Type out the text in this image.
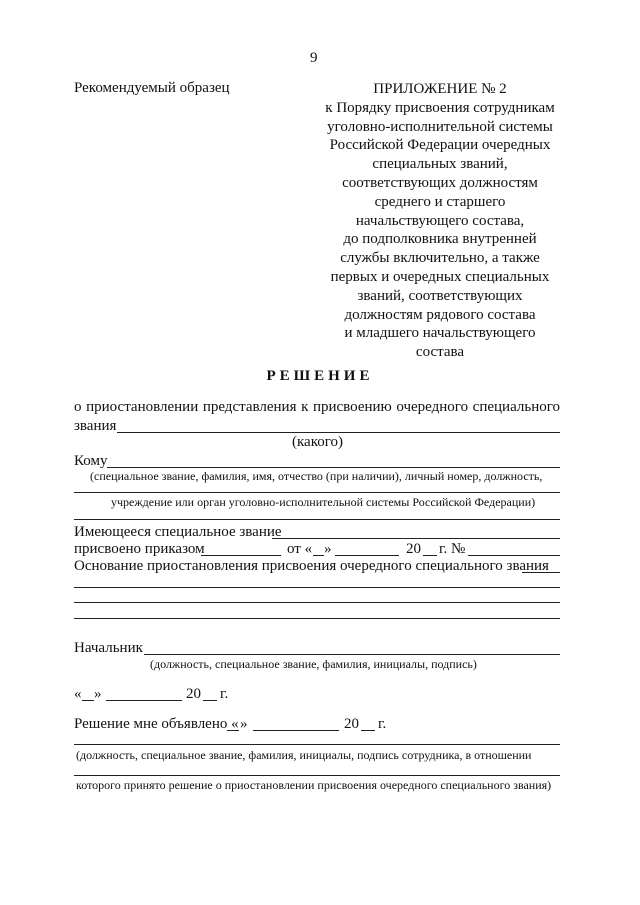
9
Рекомендуемый образец	ПРИЛОЖЕНИЕ № 2
к Порядку присвоения сотрудникам
уголовно-исполнительной системы
Российской Федерации очередных
специальных званий,
соответствующих должностям
среднего и старшего
начальствующего состава,
до подполковника внутренней
службы включительно, а также
первых и очередных специальных
званий, соответствующих
должностям рядового состава
и младшего начальствующего
состава
РЕШЕНИЕ
о приостановлении представления к присвоению очередного специального
звания
(какого)
Кому
(специальное звание, фамилия, имя, отчество (при наличии), личный номер, должность,
учреждение или орган уголовно-исполнительной системы Российской Федерации)
Имеющееся специальное звание
присвоено приказом	от « »	20 г. №
Основание приостановления присвоения очередного специального звания
Начальник
(должность, специальное звание, фамилия, инициалы, подпись)
« »	20 г.
Решение мне объявлено « »	20 г.
(должность, специальное звание, фамилия, инициалы, подпись сотрудника, в отношении
которого принято решение о приостановлении присвоения очередного специального звания)
